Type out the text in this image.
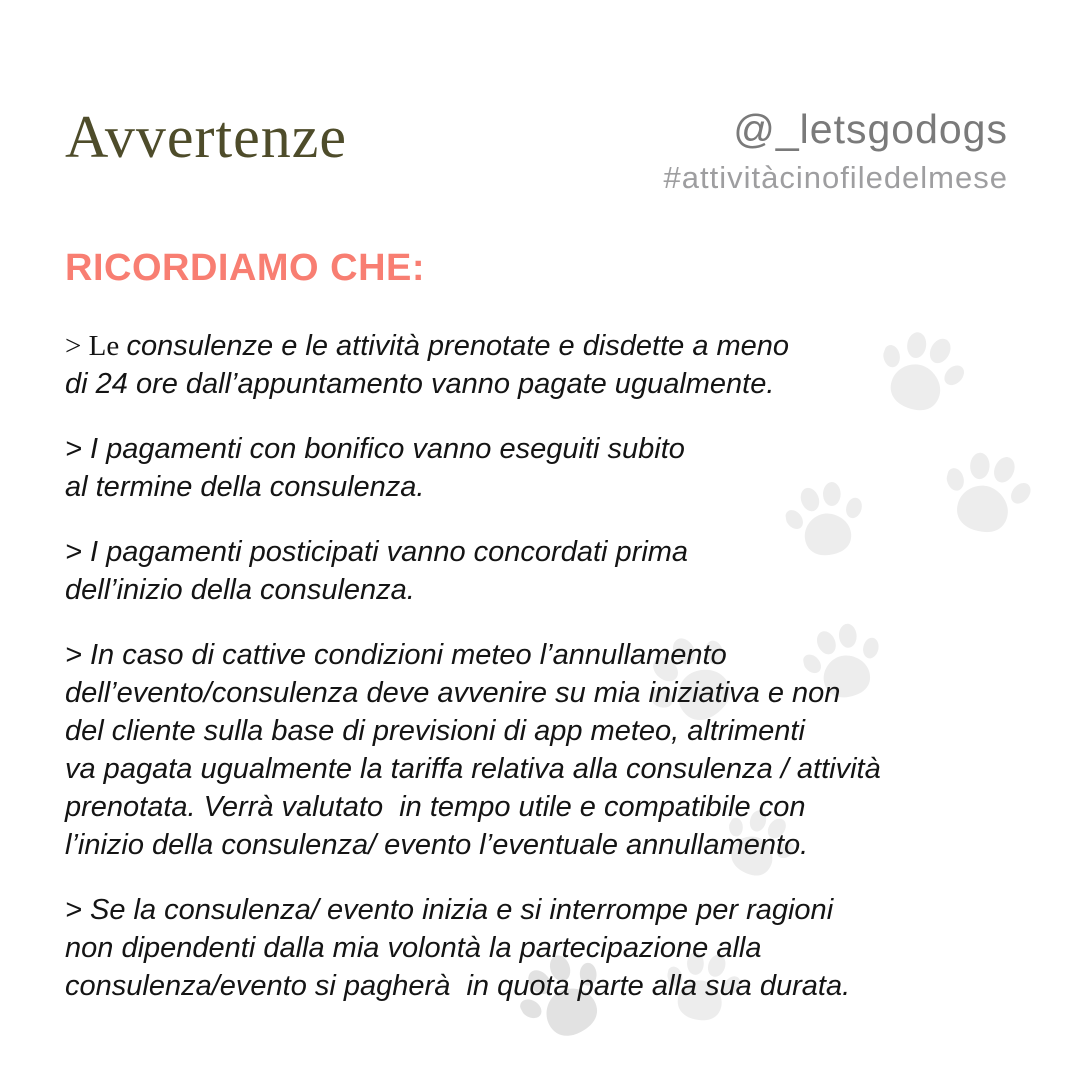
Avvertenze	@_letsgodogs
#attivitàcinofiledelmese
RICORDIAMO CHE:
> Le consulenze e le attività prenotate e disdette a meno
di 24 ore dall’appuntamento vanno pagate ugualmente.
> I pagamenti con bonifico vanno eseguiti subito
al termine della consulenza.
> I pagamenti posticipati vanno concordati prima
dell’inizio della consulenza.
> In caso di cattive condizioni meteo l’annullamento
dell’evento/consulenza deve avvenire su mia iniziativa e non
del cliente sulla base di previsioni di app meteo, altrimenti
va pagata ugualmente la tariffa relativa alla consulenza / attività
prenotata. Verrà valutato  in tempo utile e compatibile con
l’inizio della consulenza/ evento l’eventuale annullamento.
> Se la consulenza/ evento inizia e si interrompe per ragioni
non dipendenti dalla mia volontà la partecipazione alla
consulenza/evento si pagherà  in quota parte alla sua durata.
